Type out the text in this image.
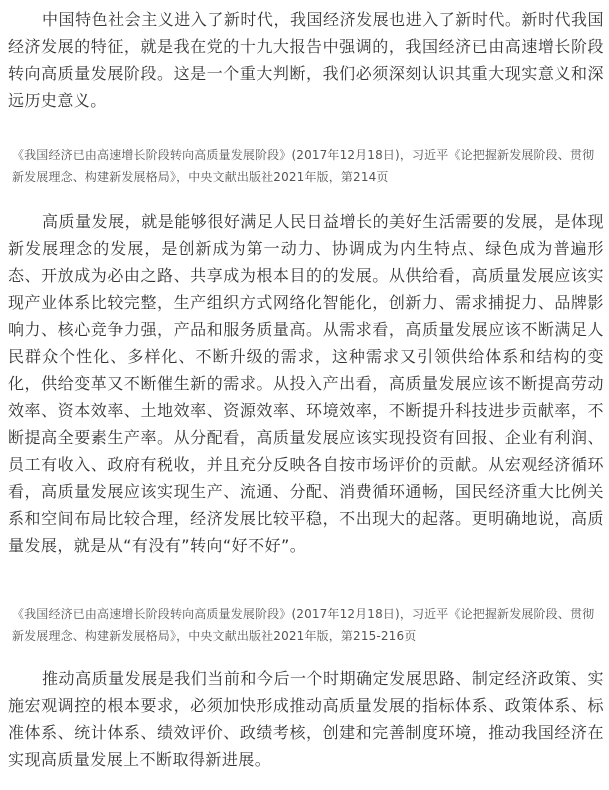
中国特色社会主义进入了新时代，我国经济发展也进入了新时代。新时代我国经济发展的特征，就是我在党的十九大报告中强调的，我国经济已由高速增长阶段转向高质量发展阶段。这是一个重大判断，我们必须深刻认识其重大现实意义和深远历史意义。

《我国经济已由高速增长阶段转向高质量发展阶段》(2017年12月18日)，习近平《论把握新发展阶段、贯彻新发展理念、构建新发展格局》，中央文献出版社2021年版，第214页

高质量发展，就是能够很好满足人民日益增长的美好生活需要的发展，是体现新发展理念的发展，是创新成为第一动力、协调成为内生特点、绿色成为普遍形态、开放成为必由之路、共享成为根本目的的发展。从供给看，高质量发展应该实现产业体系比较完整，生产组织方式网络化智能化，创新力、需求捕捉力、品牌影响力、核心竞争力强，产品和服务质量高。从需求看，高质量发展应该不断满足人民群众个性化、多样化、不断升级的需求，这种需求又引领供给体系和结构的变化，供给变革又不断催生新的需求。从投入产出看，高质量发展应该不断提高劳动效率、资本效率、土地效率、资源效率、环境效率，不断提升科技进步贡献率，不断提高全要素生产率。从分配看，高质量发展应该实现投资有回报、企业有利润、员工有收入、政府有税收，并且充分反映各自按市场评价的贡献。从宏观经济循环看，高质量发展应该实现生产、流通、分配、消费循环通畅，国民经济重大比例关系和空间布局比较合理，经济发展比较平稳，不出现大的起落。更明确地说，高质量发展，就是从“有没有”转向“好不好”。

《我国经济已由高速增长阶段转向高质量发展阶段》(2017年12月18日)，习近平《论把握新发展阶段、贯彻新发展理念、构建新发展格局》，中央文献出版社2021年版，第215-216页

推动高质量发展是我们当前和今后一个时期确定发展思路、制定经济政策、实施宏观调控的根本要求，必须加快形成推动高质量发展的指标体系、政策体系、标准体系、统计体系、绩效评价、政绩考核，创建和完善制度环境，推动我国经济在实现高质量发展上不断取得新进展。
